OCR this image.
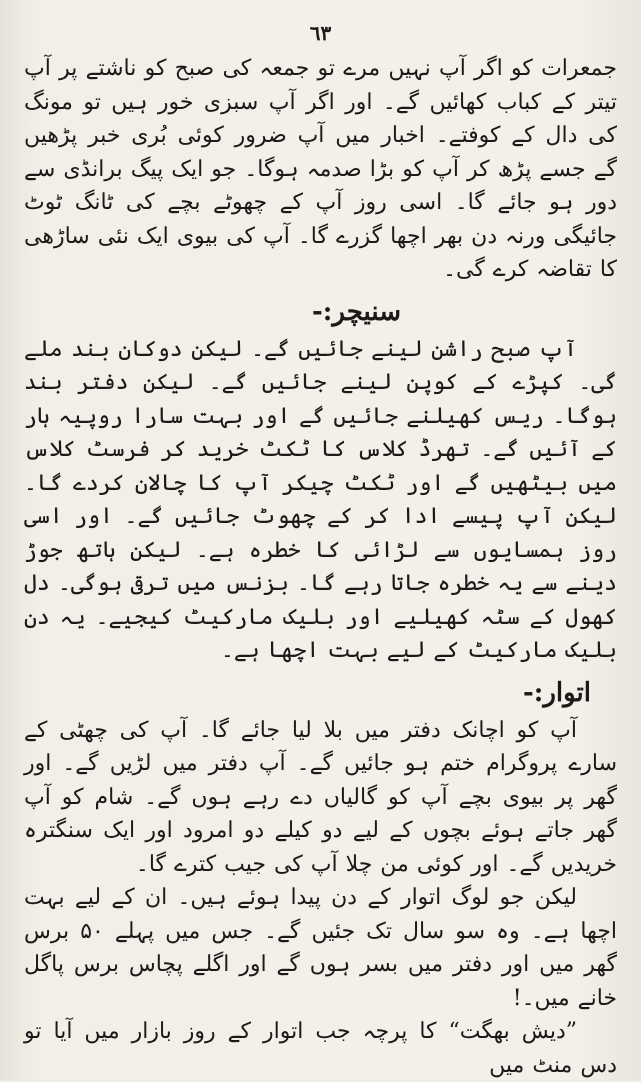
٦٣

جمعرات کو اگر آپ نہیں مرے تو جمعہ کی صبح کو ناشتے پر آپ تیتر کے کباب کھائیں گے۔ اور اگر آپ سبزی خور ہیں تو مونگ کی دال کے کوفتے۔ اخبار میں آپ ضرور کوئی بُری خبر پڑھیں گے جسے پڑھ کر آپ کو بڑا صدمہ ہوگا۔ جو ایک پیگ برانڈی سے دور ہو جائے گا۔ اسی روز آپ کے چھوٹے بچے کی ٹانگ ٹوٹ جائیگی ورنہ دن بھر اچھا گزرے گا۔ آپ کی بیوی ایک نئی ساڑھی کا تقاضہ کرے گی۔

سنیچر:-

آپ صبح راشن لینے جائیں گے۔ لیکن دوکان بند ملے گی۔ کپڑے کے کوپن لینے جائیں گے۔ لیکن دفتر بند ہوگا۔ ریس کھیلنے جائیں گے اور بہت سارا روپیہ ہار کے آئیں گے۔ تھرڈ کلاس کا ٹکٹ خرید کر فرسٹ کلاس میں بیٹھیں گے اور ٹکٹ چیکر آپ کا چالان کردے گا۔ لیکن آپ پیسے ادا کر کے چھوٹ جائیں گے۔ اور اسی روز ہمسایوں سے لڑائی کا خطرہ ہے۔ لیکن ہاتھ جوڑ دینے سے یہ خطرہ جاتا رہے گا۔ بزنس میں ترقی ہوگی۔ دل کھول کے سٹہ کھیلیے اور بلیک مارکیٹ کیجیے۔ یہ دن بلیک مارکیٹ کے لیے بہت اچھا ہے۔

اتوار:-

آپ کو اچانک دفتر میں بلا لیا جائے گا۔ آپ کی چھٹی کے سارے پروگرام ختم ہو جائیں گے۔ آپ دفتر میں لڑیں گے۔ اور گھر پر بیوی بچے آپ کو گالیاں دے رہے ہوں گے۔ شام کو آپ گھر جاتے ہوئے بچوں کے لیے دو کیلے دو امرود اور ایک سنگترہ خریدیں گے۔ اور کوئی من چلا آپ کی جیب کترے گا۔

لیکن جو لوگ اتوار کے دن پیدا ہوئے ہیں۔ ان کے لیے بہت اچھا ہے۔ وہ سو سال تک جئیں گے۔ جس میں پہلے ۵۰ برس گھر میں اور دفتر میں بسر ہوں گے اور اگلے پچاس برس پاگل خانے میں۔!

”دیش بھگت“ کا پرچہ جب اتوار کے روز بازار میں آیا تو دس منٹ میں
